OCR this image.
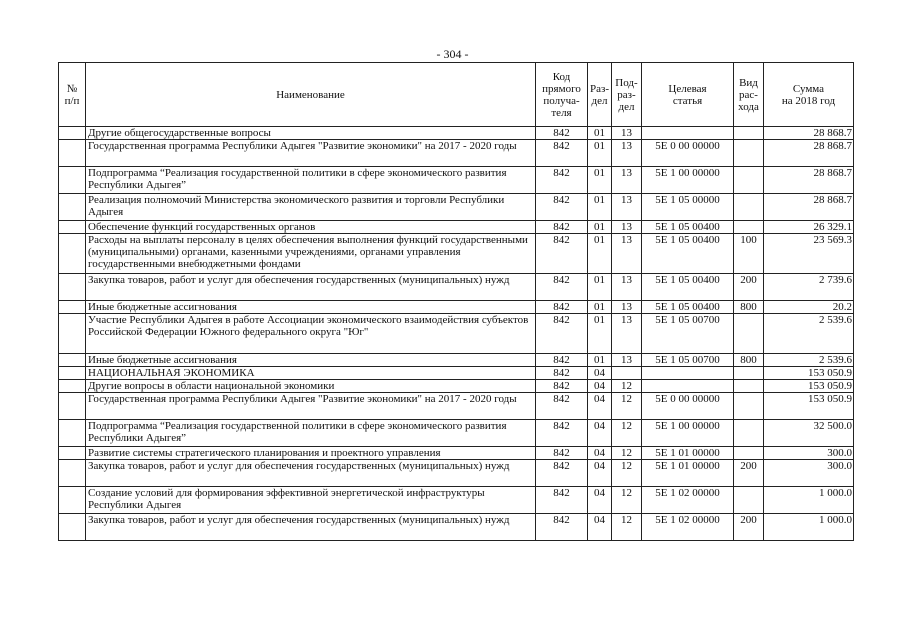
- 304 -
№
п/п	Наименование	Код
прямого
получа-
теля	Раз-
дел	Под-
раз-
дел	Целевая
статья	Вид
рас-
хода	Сумма
на 2018 год
	Другие общегосударственные вопросы	842	01	13			28 868.7
	Государственная программа Республики Адыгея "Развитие экономики" на 2017 - 2020 годы	842	01	13	5Е 0 00 00000		28 868.7
	Подпрограмма “Реализация государственной политики в сфере экономического развития Республики Адыгея”	842	01	13	5Е 1 00 00000		28 868.7
	Реализация полномочий Министерства экономического развития и торговли Республики Адыгея	842	01	13	5Е 1 05 00000		28 868.7
	Обеспечение функций государственных органов	842	01	13	5Е 1 05 00400		26 329.1
	Расходы на выплаты персоналу в целях обеспечения выполнения функций государственными (муниципальными) органами, казенными учреждениями, органами управления государственными внебюджетными фондами	842	01	13	5Е 1 05 00400	100	23 569.3
	Закупка товаров, работ и услуг для обеспечения государственных (муниципальных) нужд	842	01	13	5Е 1 05 00400	200	2 739.6
	Иные бюджетные ассигнования	842	01	13	5Е 1 05 00400	800	20.2
	Участие Республики Адыгея в работе Ассоциации экономического взаимодействия субъектов Российской Федерации Южного федерального округа "Юг"	842	01	13	5Е 1 05 00700		2 539.6
	Иные бюджетные ассигнования	842	01	13	5Е 1 05 00700	800	2 539.6
	НАЦИОНАЛЬНАЯ ЭКОНОМИКА	842	04				153 050.9
	Другие вопросы в области национальной экономики	842	04	12			153 050.9
	Государственная программа Республики Адыгея "Развитие экономики" на 2017 - 2020 годы	842	04	12	5Е 0 00 00000		153 050.9
	Подпрограмма “Реализация государственной политики в сфере экономического развития Республики Адыгея”	842	04	12	5Е 1 00 00000		32 500.0
	Развитие системы стратегического планирования и проектного управления	842	04	12	5Е 1 01 00000		300.0
	Закупка товаров, работ и услуг для обеспечения государственных (муниципальных) нужд	842	04	12	5Е 1 01 00000	200	300.0
	Создание условий для формирования эффективной энергетической инфраструктуры Республики Адыгея	842	04	12	5Е 1 02 00000		1 000.0
	Закупка товаров, работ и услуг для обеспечения государственных (муниципальных) нужд	842	04	12	5Е 1 02 00000	200	1 000.0
